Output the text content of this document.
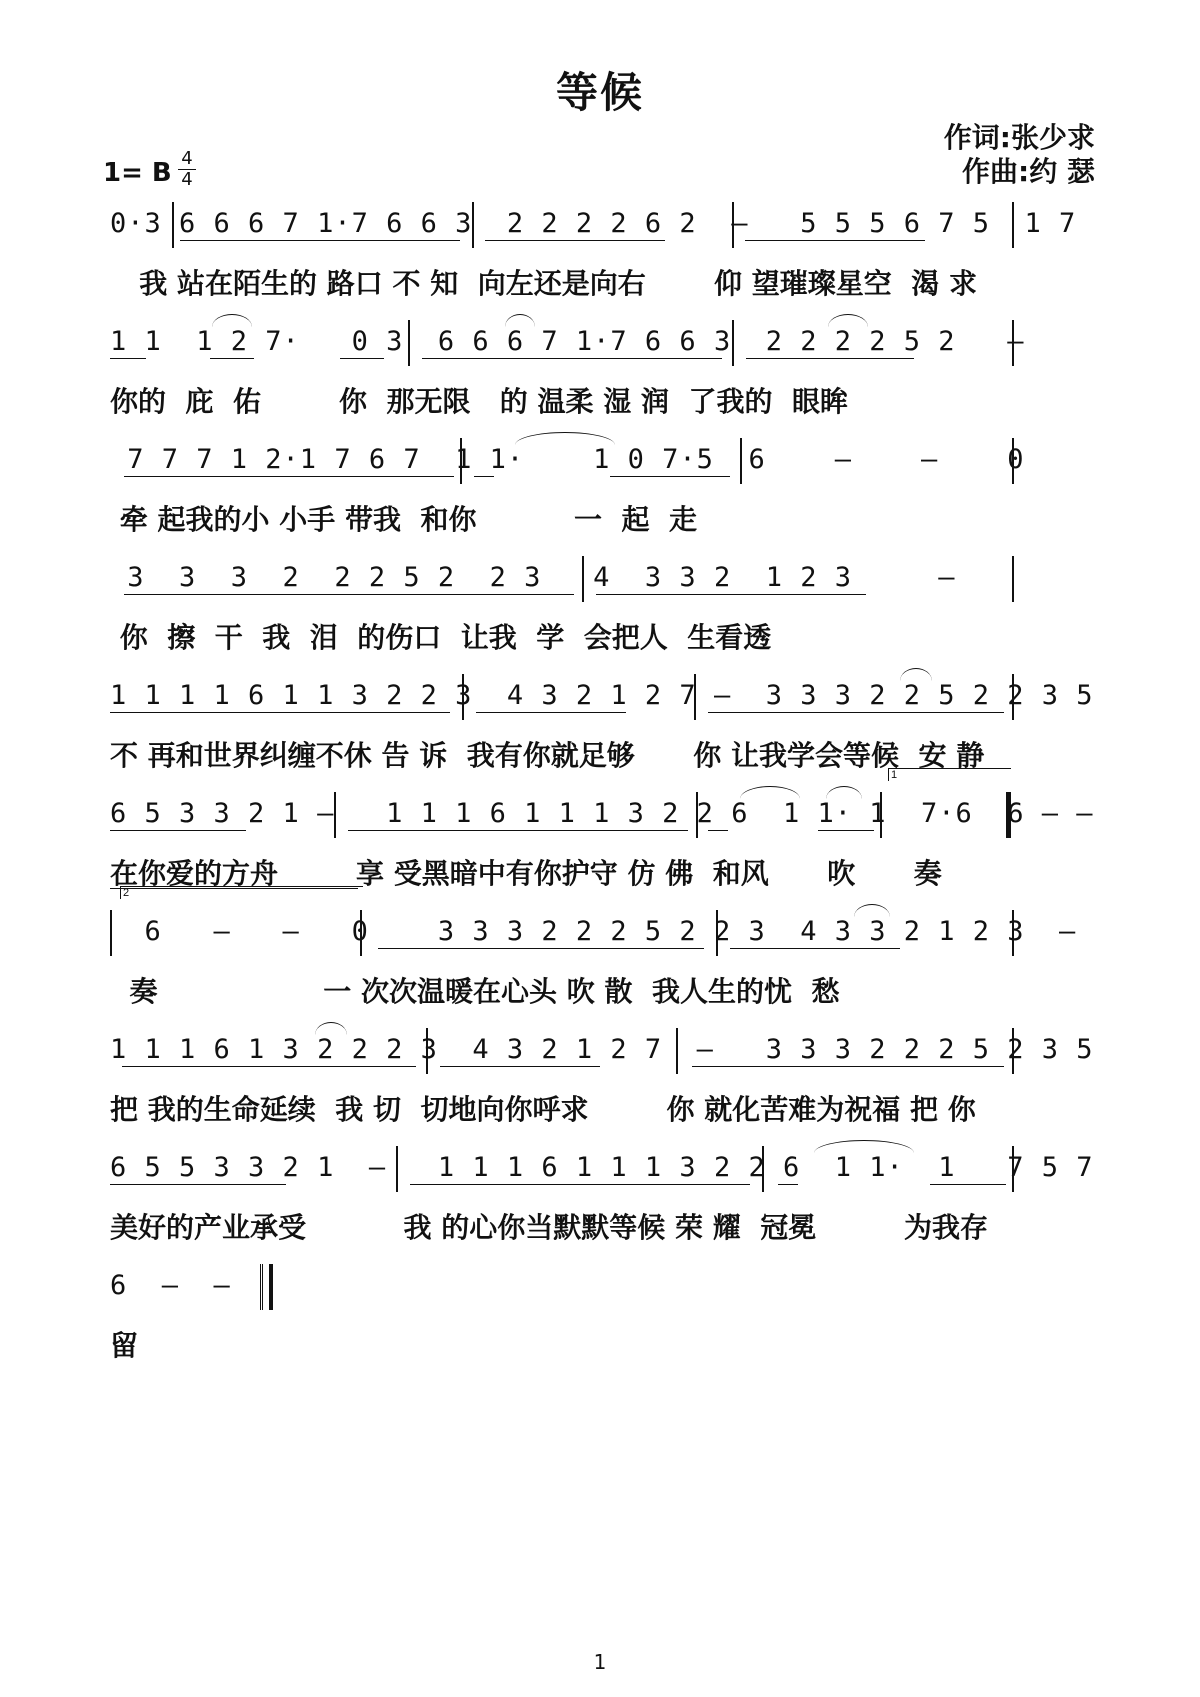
等候
作词:张少求
作曲:约 瑟
1= B 4
4
0·3 6 6 6 7 1·7 6 6 3  2 2 2 2 6 2  —   5 5 5 6 7 5  1 7
我 站在陌生的 路口 不 知  向左还是向右       仰 望璀璨星空  渴 求
1 1  1 2 7·   0 3  6 6 6 7 1·7 6 6 3  2 2 2 2 5 2   —
你的  庇  佑        你  那无限   的 温柔 湿 润  了我的  眼眸
7 7 7 1 2·1 7 6 7  1 1·    1 0 7·5  6    —    —    0
牵 起我的小 小手 带我  和你          一  起  走
3  3  3  2  2 2 5 2  2 3   4  3 3 2  1 2 3     —
你  擦  干  我  泪  的伤口  让我  学  会把人  生看透
1 1 1 1 6 1 1 3 2 2 3  4 3 2 1 2 7 —  3 3 3 2 2 5 2 2 3 5
不 再和世界纠缠不休 告 诉  我有你就足够      你 让我学会等候  安 静
1
6 5 3 3 2 1 —   1 1 1 6 1 1 1 3 2 2 6  1 1· 1  7·6  6 — —
在你爱的方舟        享 受黑暗中有你护守 仿 佛  和风      吹      奏
2
6   —   —   0    3 3 3 2 2 2 5 2 2 3  4 3 3 2 1 2 3  —
奏                 一 次次温暖在心头 吹 散  我人生的忧  愁
1 1 1 6 1 3 2 2 2 3  4 3 2 1 2 7  —   3 3 3 2 2 2 5 2 3 5
把 我的生命延续  我 切  切地向你呼求        你 就化苦难为祝福 把 你
6 5 5 3 3 2 1  —   1 1 1 6 1 1 1 3 2 2 6  1 1·  1   7 5 7
美好的产业承受          我 的心你当默默等候 荣 耀  冠冕         为我存
6  —  —
留
1
